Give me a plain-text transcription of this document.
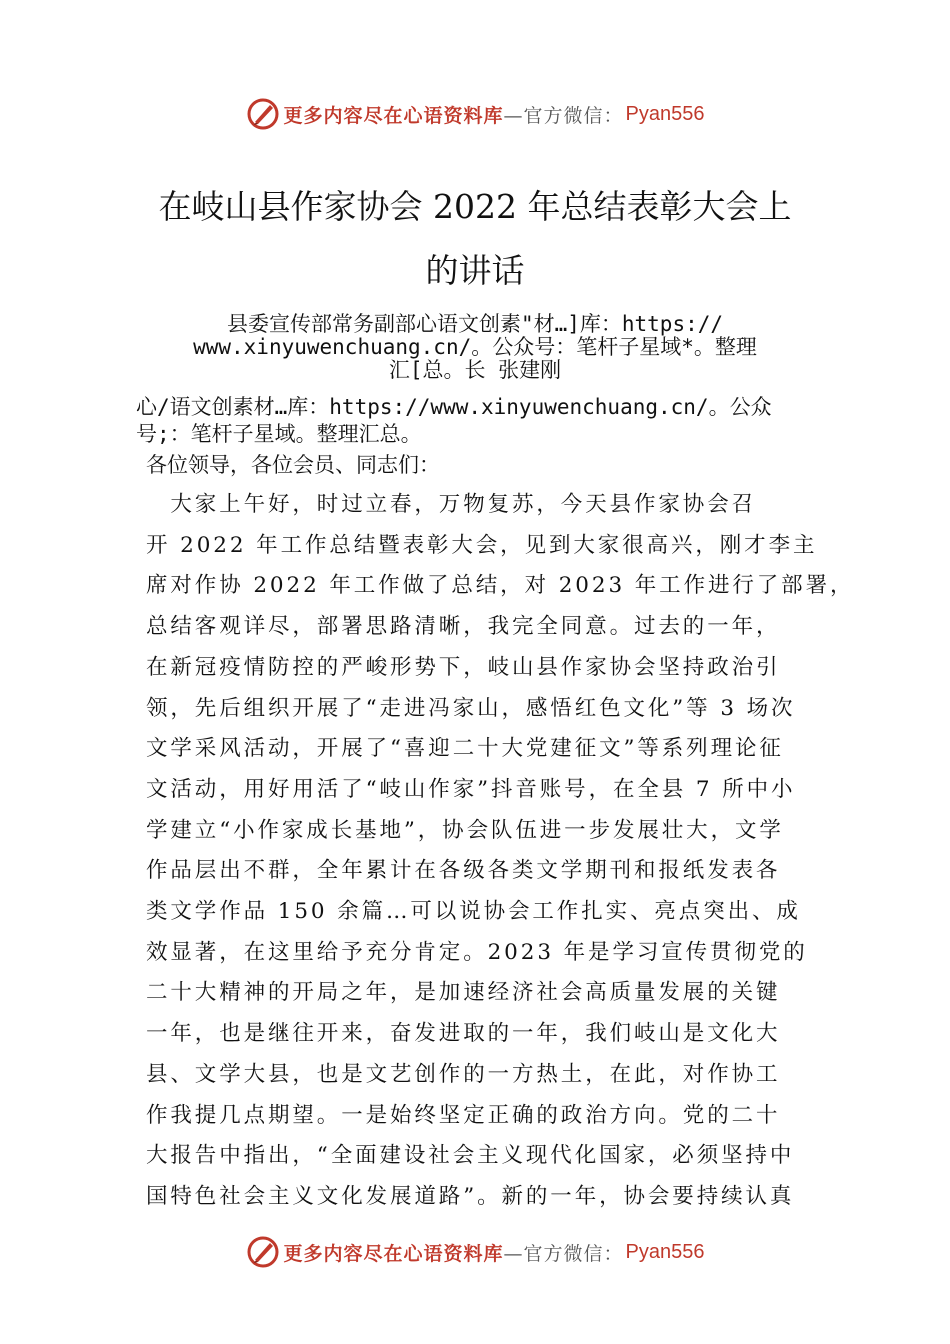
更多内容尽在心语资料库 —官方微信： Pyan556
在岐山县作家协会 2022 年总结表彰大会上
的讲话
县委宣传部常务副部心语文创素"材…]库：https://
www.xinyuwenchuang.cn/。公众号：笔杆子星域*。整理
汇[总。长 张建刚
心/语文创素材…库：https://www.xinyuwenchuang.cn/。公众
号;：笔杆子星域。整理汇总。
各位领导，各位会员、同志们：
　大家上午好，时过立春，万物复苏，今天县作家协会召
开 2022 年工作总结暨表彰大会，见到大家很高兴，刚才李主
席对作协 2022 年工作做了总结，对 2023 年工作进行了部署，
总结客观详尽，部署思路清晰，我完全同意。过去的一年，
在新冠疫情防控的严峻形势下，岐山县作家协会坚持政治引
领，先后组织开展了“走进冯家山，感悟红色文化”等 3 场次
文学采风活动，开展了“喜迎二十大党建征文”等系列理论征
文活动，用好用活了“岐山作家”抖音账号，在全县 7 所中小
学建立“小作家成长基地”，协会队伍进一步发展壮大，文学
作品层出不群，全年累计在各级各类文学期刊和报纸发表各
类文学作品 150 余篇…可以说协会工作扎实、亮点突出、成
效显著，在这里给予充分肯定。2023 年是学习宣传贯彻党的
二十大精神的开局之年，是加速经济社会高质量发展的关键
一年，也是继往开来，奋发进取的一年，我们岐山是文化大
县、文学大县，也是文艺创作的一方热土，在此，对作协工
作我提几点期望。一是始终坚定正确的政治方向。党的二十
大报告中指出，“全面建设社会主义现代化国家，必须坚持中
国特色社会主义文化发展道路”。新的一年，协会要持续认真
更多内容尽在心语资料库 —官方微信： Pyan556
